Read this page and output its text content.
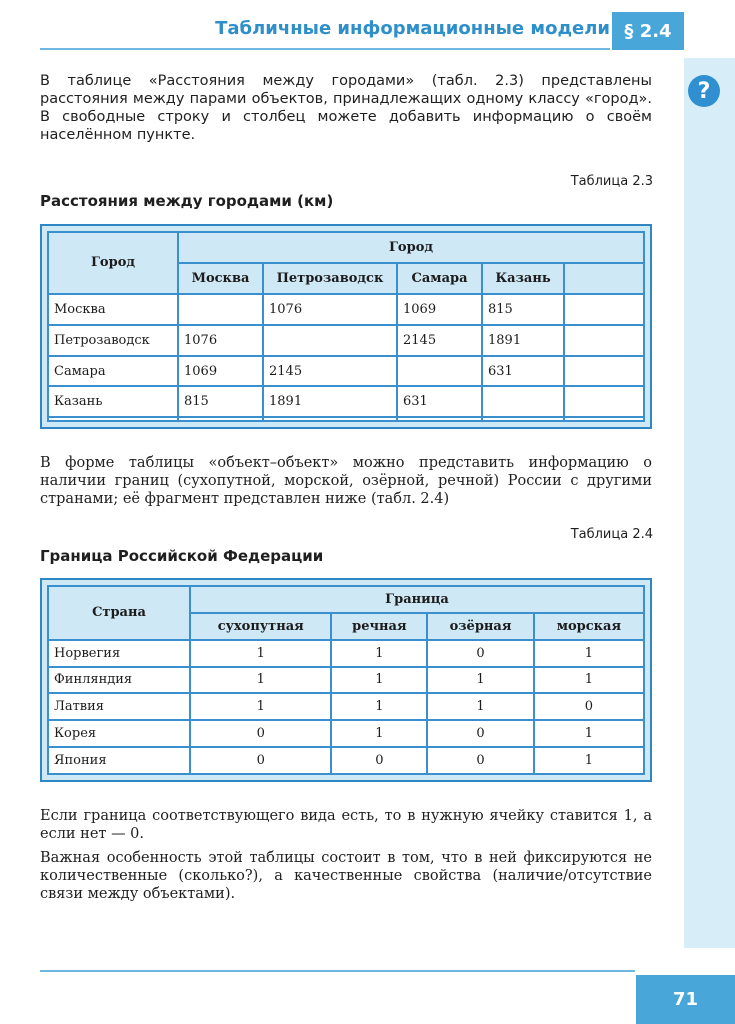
Табличные информационные модели § 2.4
?
В таблице «Расстояния между городами» (табл. 2.3) представлены расстояния между парами объектов, принадлежащих одному классу «город». В свободные строку и столбец можете добавить информацию о своём населённом пункте.
Таблица 2.3
Расстояния между городами (км)
Город	Город				
	Москва	Петрозаводск	Самара	Казань	
Москва		1076	1069	815	
Петрозаводск	1076		2145	1891	
Самара	1069	2145		631	
Казань	815	1891	631		

В форме таблицы «объект–объект» можно представить информацию о наличии границ (сухопутной, морской, озёрной, речной) России с другими странами; её фрагмент представлен ниже (табл. 2.4)
Таблица 2.4
Граница Российской Федерации
Страна	Граница			
	сухопутная	речная	озёрная	морская
Норвегия	1	1	0	1
Финляндия	1	1	1	1
Латвия	1	1	1	0
Корея	0	1	0	1
Япония	0	0	0	1
Если граница соответствующего вида есть, то в нужную ячейку ставится 1, а если нет — 0.
Важная особенность этой таблицы состоит в том, что в ней фиксируются не количественные (сколько?), а качественные свойства (наличие/отсутствие связи между объектами).
71
